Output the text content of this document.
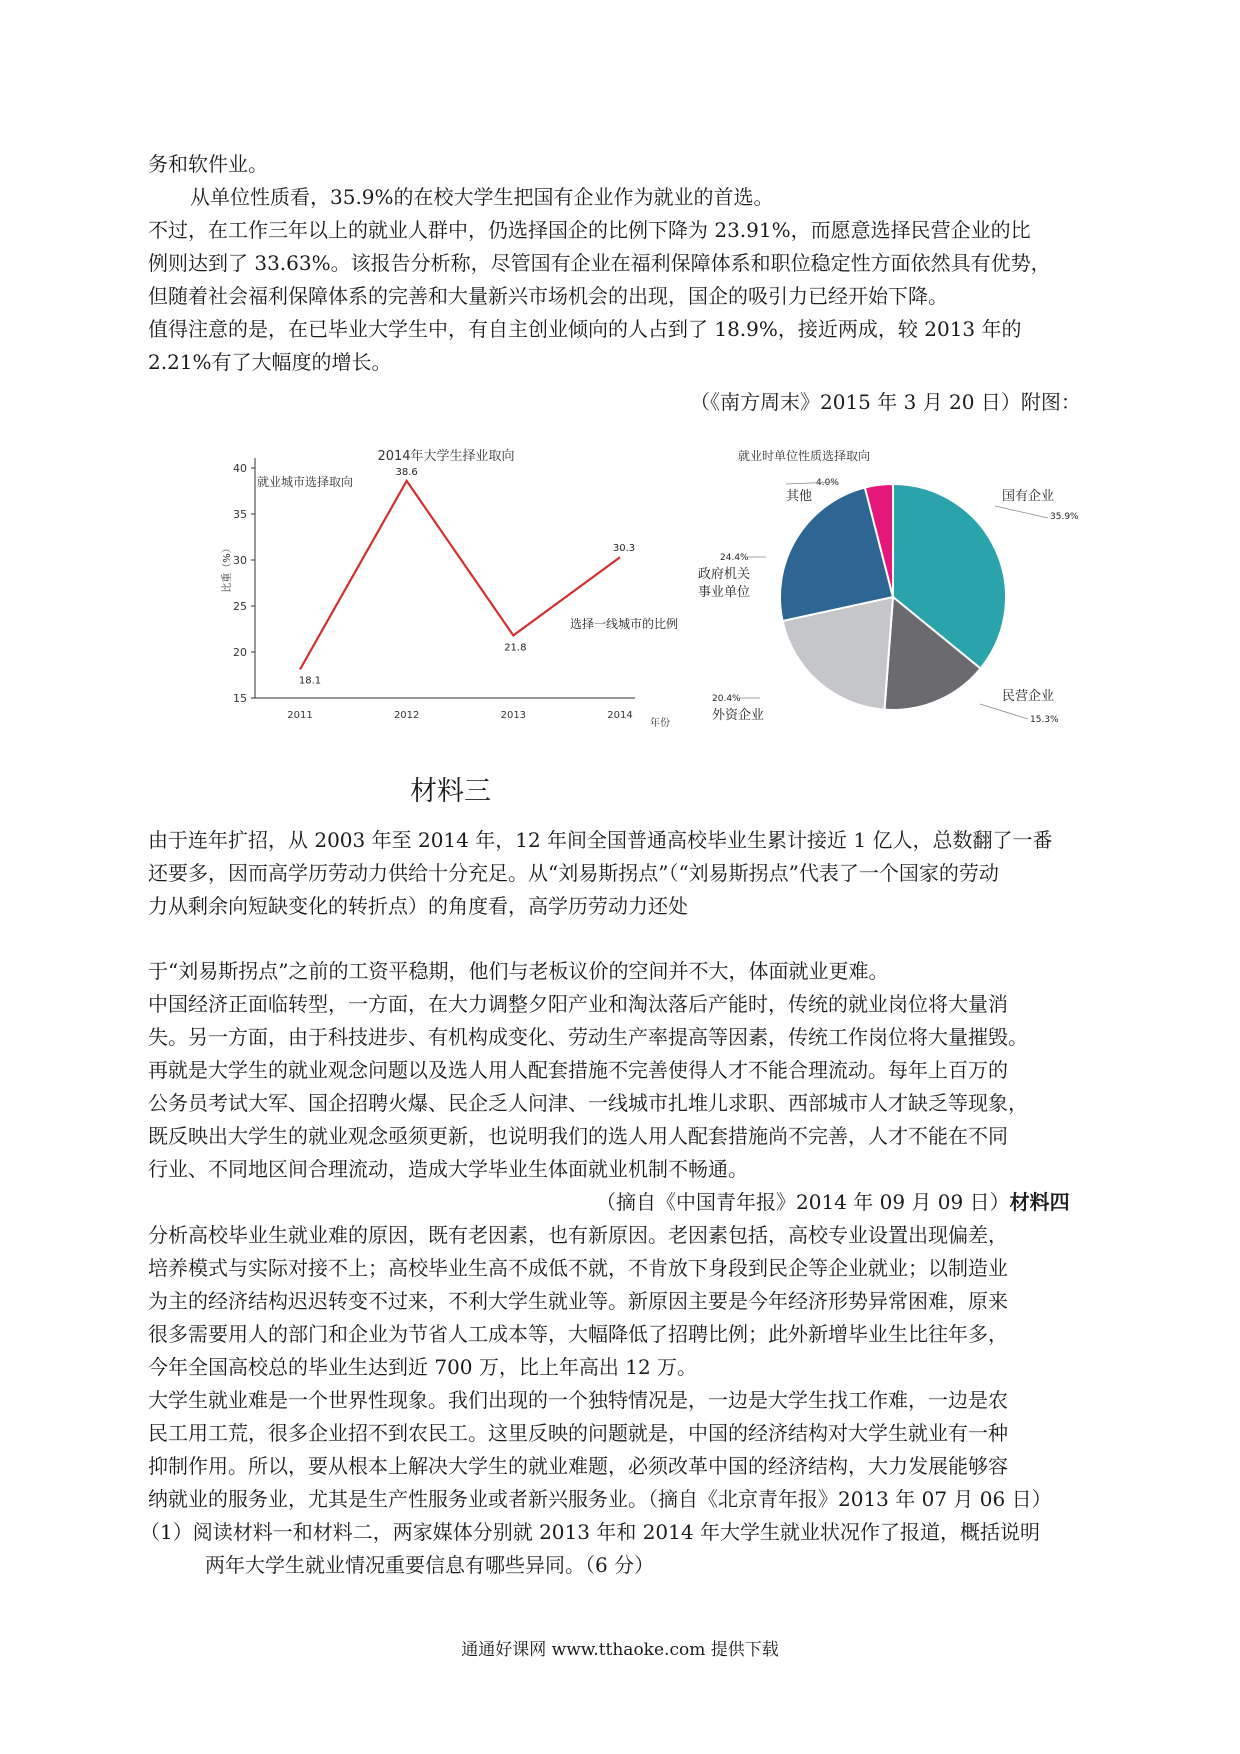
务和软件业。
从单位性质看，35.9%的在校大学生把国有企业作为就业的首选。
不过，在工作三年以上的就业人群中，仍选择国企的比例下降为 23.91%，而愿意选择民营企业的比
例则达到了 33.63%。该报告分析称，尽管国有企业在福利保障体系和职位稳定性方面依然具有优势，
但随着社会福利保障体系的完善和大量新兴市场机会的出现，国企的吸引力已经开始下降。
值得注意的是，在已毕业大学生中，有自主创业倾向的人占到了 18.9%，接近两成，较 2013 年的
2.21%有了大幅度的增长。
（《南方周末》2015 年 3 月 20 日）附图：
2014年大学生择业取向
就业城市选择取向
比重（%）
年份
15
20
25
30
35
40
2011	2012	2013	2014
18.1
38.6
21.8
30.3
选择一线城市的比例
就业时单位性质选择取向
国有企业
35.9%
民营企业
15.3%
外资企业
20.4%
政府机关
事业单位
24.4%
其他
4.0%
材料三
由于连年扩招，从 2003 年至 2014 年，12 年间全国普通高校毕业生累计接近 1 亿人，总数翻了一番
还要多，因而高学历劳动力供给十分充足。从“刘易斯拐点”（“刘易斯拐点”代表了一个国家的劳动
力从剩余向短缺变化的转折点）的角度看，高学历劳动力还处
于“刘易斯拐点”之前的工资平稳期，他们与老板议价的空间并不大，体面就业更难。
中国经济正面临转型，一方面，在大力调整夕阳产业和淘汰落后产能时，传统的就业岗位将大量消
失。另一方面，由于科技进步、有机构成变化、劳动生产率提高等因素，传统工作岗位将大量摧毁。
再就是大学生的就业观念问题以及选人用人配套措施不完善使得人才不能合理流动。每年上百万的
公务员考试大军、国企招聘火爆、民企乏人问津、一线城市扎堆儿求职、西部城市人才缺乏等现象，
既反映出大学生的就业观念亟须更新，也说明我们的选人用人配套措施尚不完善，人才不能在不同
行业、不同地区间合理流动，造成大学毕业生体面就业机制不畅通。
（摘自《中国青年报》2014 年 09 月 09 日）材料四
分析高校毕业生就业难的原因，既有老因素，也有新原因。老因素包括，高校专业设置出现偏差，
培养模式与实际对接不上；高校毕业生高不成低不就，不肯放下身段到民企等企业就业；以制造业
为主的经济结构迟迟转变不过来，不利大学生就业等。新原因主要是今年经济形势异常困难，原来
很多需要用人的部门和企业为节省人工成本等，大幅降低了招聘比例；此外新增毕业生比往年多，
今年全国高校总的毕业生达到近 700 万，比上年高出 12 万。
大学生就业难是一个世界性现象。我们出现的一个独特情况是，一边是大学生找工作难，一边是农
民工用工荒，很多企业招不到农民工。这里反映的问题就是，中国的经济结构对大学生就业有一种
抑制作用。所以，要从根本上解决大学生的就业难题，必须改革中国的经济结构，大力发展能够容
纳就业的服务业，尤其是生产性服务业或者新兴服务业。（摘自《北京青年报》2013 年 07 月 06 日）
（1）阅读材料一和材料二，两家媒体分别就 2013 年和 2014 年大学生就业状况作了报道，概括说明
两年大学生就业情况重要信息有哪些异同。（6 分）
通通好课网 www.tthaoke.com 提供下载
